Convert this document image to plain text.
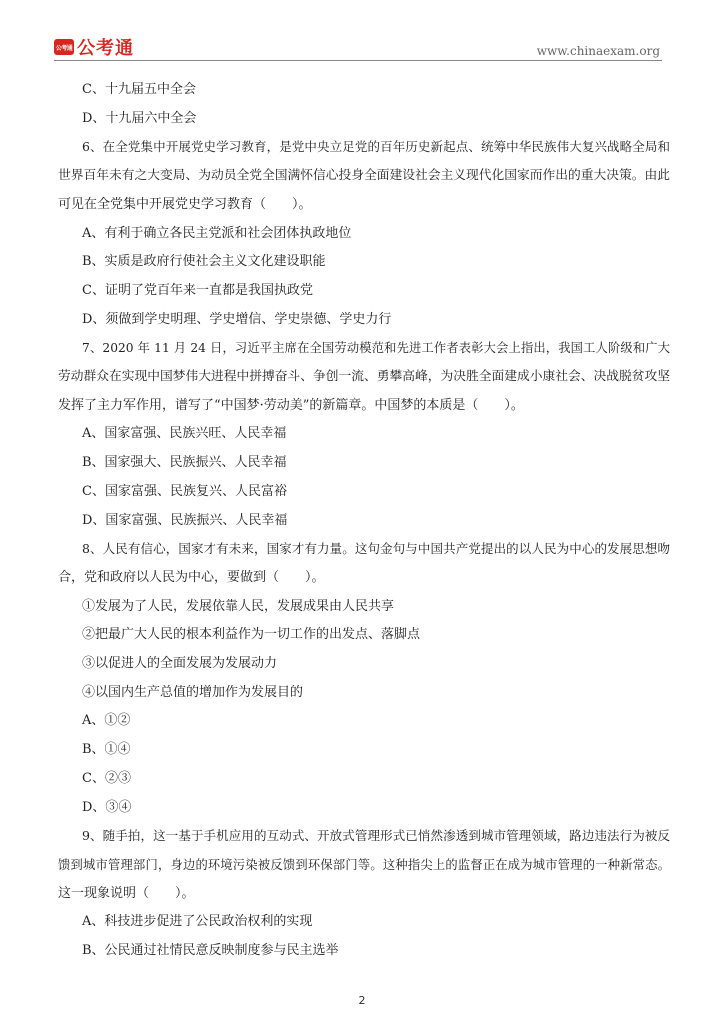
公考通 公考通	www.chinaexam.org
C、十九届五中全会
D、十九届六中全会
6、在全党集中开展党史学习教育，是党中央立足党的百年历史新起点、统筹中华民族伟大复兴战略全局和
世界百年未有之大变局、为动员全党全国满怀信心投身全面建设社会主义现代化国家而作出的重大决策。由此
可见在全党集中开展党史学习教育（　　）。
A、有利于确立各民主党派和社会团体执政地位
B、实质是政府行使社会主义文化建设职能
C、证明了党百年来一直都是我国执政党
D、须做到学史明理、学史增信、学史崇德、学史力行
7、2020 年 11 月 24 日，习近平主席在全国劳动模范和先进工作者表彰大会上指出，我国工人阶级和广大
劳动群众在实现中国梦伟大进程中拼搏奋斗、争创一流、勇攀高峰，为决胜全面建成小康社会、决战脱贫攻坚
发挥了主力军作用，谱写了“中国梦·劳动美”的新篇章。中国梦的本质是（　　）。
A、国家富强、民族兴旺、人民幸福
B、国家强大、民族振兴、人民幸福
C、国家富强、民族复兴、人民富裕
D、国家富强、民族振兴、人民幸福
8、人民有信心，国家才有未来，国家才有力量。这句金句与中国共产党提出的以人民为中心的发展思想吻
合，党和政府以人民为中心，要做到（　　）。
①发展为了人民，发展依靠人民，发展成果由人民共享
②把最广大人民的根本利益作为一切工作的出发点、落脚点
③以促进人的全面发展为发展动力
④以国内生产总值的增加作为发展目的
A、①②
B、①④
C、②③
D、③④
9、随手拍，这一基于手机应用的互动式、开放式管理形式已悄然渗透到城市管理领域，路边违法行为被反
馈到城市管理部门，身边的环境污染被反馈到环保部门等。这种指尖上的监督正在成为城市管理的一种新常态。
这一现象说明（　　）。
A、科技进步促进了公民政治权利的实现
B、公民通过社情民意反映制度参与民主选举
2
